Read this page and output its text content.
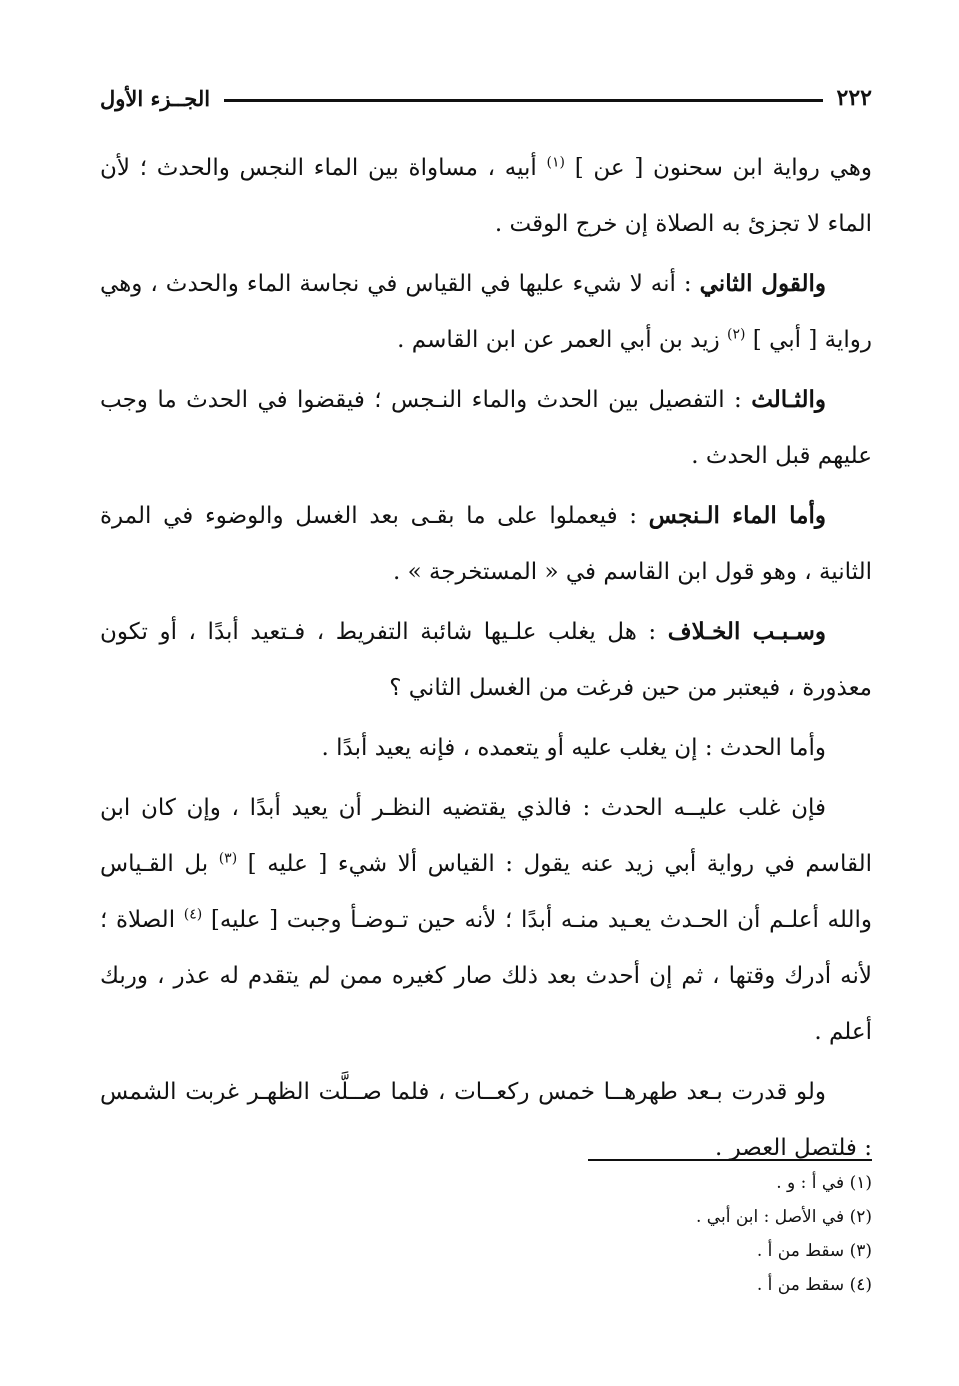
٢٢٢
الجــزء الأول

وهي رواية ابن سحنون [ عن ] $^{(١)}$ أبيه ، مساواة بين الماء النجس والحدث ؛ لأن الماء لا تجزئ به الصلاة إن خرج الوقت .

والقول الثاني : أنه لا شيء عليها في القياس في نجاسة الماء والحدث ، وهي رواية [ أبي ] $^{(٢)}$ زيد بن أبي العمر عن ابن القاسم .

والثـالث : التفصيل بين الحدث والماء النـجس ؛ فيقضوا في الحدث ما وجب عليهم قبل الحدث .

وأما الماء الـنجس : فيعملوا على ما بقـى بعد الغسل والوضوء في المرة الثانية ، وهو قول ابن القاسم في « المستخرجة » .

وسـبـب الخـلاف : هل يغلب علـيها شائبة التفريط ، فـتعيد أبدًا ، أو تكون معذورة ، فيعتبر من حين فرغت من الغسل الثاني ؟

وأما الحدث : إن يغلب عليه أو يتعمده ، فإنه يعيد أبدًا .

فإن غلب عليــه الحدث : فالذي يقتضيه النظـر أن يعيد أبدًا ، وإن كان ابن القاسم في رواية أبي زيد عنه يقول : القياس ألا شيء [ عليه ] $^{(٣)}$ بل القـياس والله أعلـم أن الحـدث يعـيد منـه أبدًا ؛ لأنه حين تـوضـأ وجبت [ عليه] $^{(٤)}$ الصلاة ؛ لأنه أدرك وقتها ، ثم إن أحدث بعد ذلك صار كغيره ممن لم يتقدم له عذر ، وربك أعلم .

ولو قدرت بـعد طهرهــا خمس ركعــات ، فلما صــلَّت الظهـر غربت الشمس : فلتصل العصر .

(١) في أ : و .
(٢) في الأصل : ابن أبي .
(٣) سقط من أ .
(٤) سقط من أ .
